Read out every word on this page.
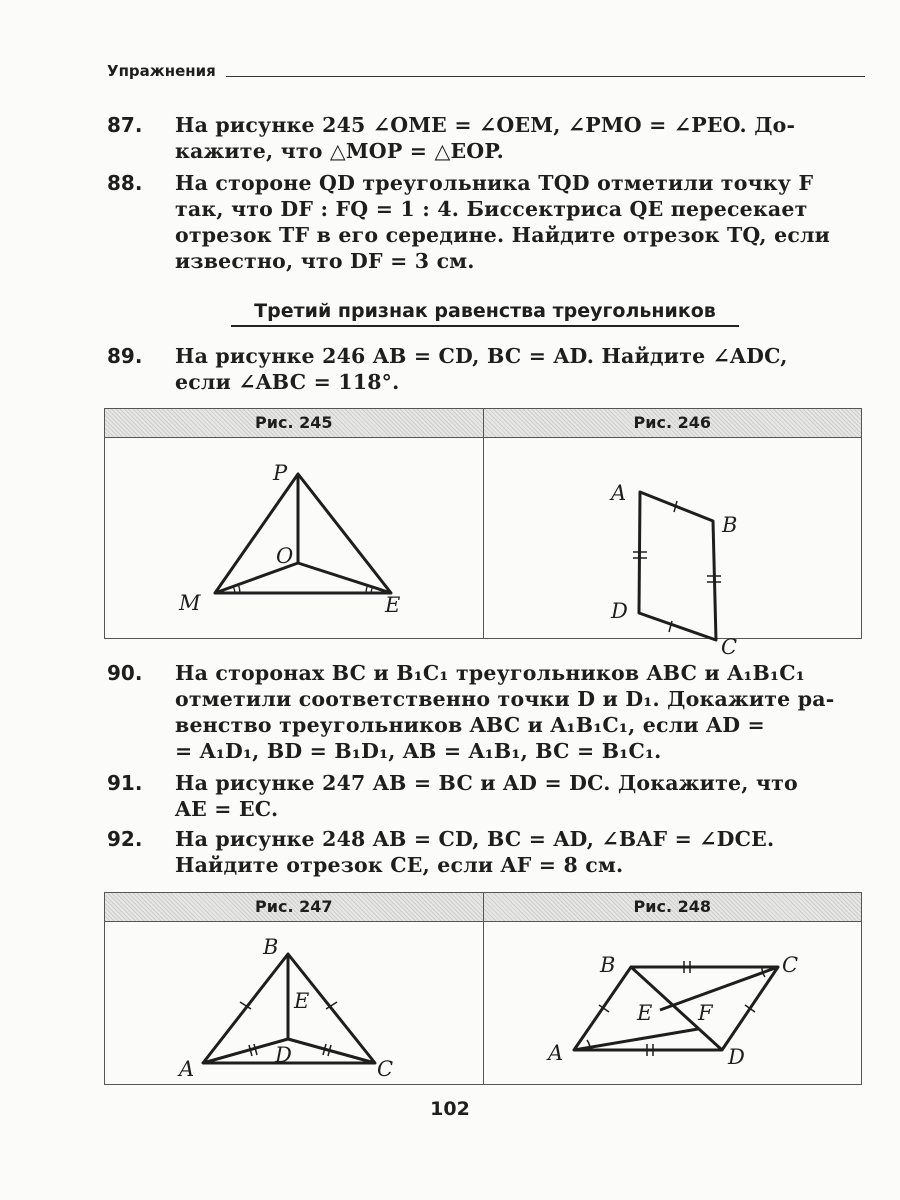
Упражнения
87.	На рисунке 245 ∠OME = ∠OEM, ∠PMO = ∠PEO. До-
кажите, что △MOP = △EOP.
88.	На стороне QD треугольника TQD отметили точку F
так, что DF : FQ = 1 : 4. Биссектриса QE пересекает
отрезок TF в его середине. Найдите отрезок TQ, если
известно, что DF = 3 см.
Третий признак равенства треугольников
89.	На рисунке 246 AB = CD, BC = AD. Найдите ∠ADC,
если ∠ABC = 118°.
Рис. 245	Рис. 246
P
O
M	E
A
B
D
C
90.	На сторонах BC и B₁C₁ треугольников ABC и A₁B₁C₁
отметили соответственно точки D и D₁. Докажите ра-
венство треугольников ABC и A₁B₁C₁, если AD =
= A₁D₁, BD = B₁D₁, AB = A₁B₁, BC = B₁C₁.
91.	На рисунке 247 AB = BC и AD = DC. Докажите, что
AE = EC.
92.	На рисунке 248 AB = CD, BC = AD, ∠BAF = ∠DCE.
Найдите отрезок CE, если AF = 8 см.
Рис. 247	Рис. 248
B
E
A
D
C
B	C
E F
A	D
102
